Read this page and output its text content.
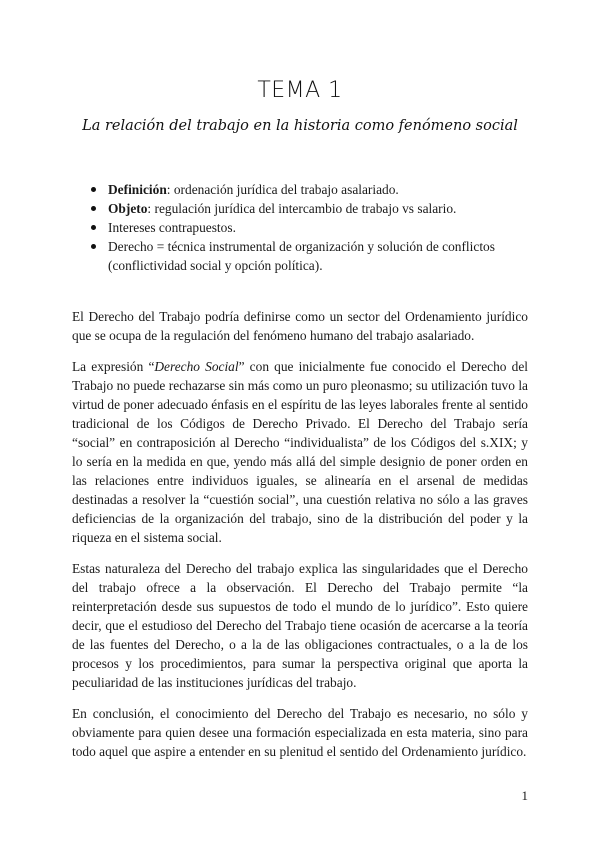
TEMA 1
La relación del trabajo en la historia como fenómeno social
Definición: ordenación jurídica del trabajo asalariado.
Objeto: regulación jurídica del intercambio de trabajo vs salario.
Intereses contrapuestos.
Derecho = técnica instrumental de organización y solución de conflictos (conflictividad social y opción política).

El Derecho del Trabajo podría definirse como un sector del Ordenamiento jurídico que se ocupa de la regulación del fenómeno humano del trabajo asalariado.

La expresión “Derecho Social” con que inicialmente fue conocido el Derecho del Trabajo no puede rechazarse sin más como un puro pleonasmo; su utilización tuvo la virtud de poner adecuado énfasis en el espíritu de las leyes laborales frente al sentido tradicional de los Códigos de Derecho Privado. El Derecho del Trabajo sería “social” en contraposición al Derecho “individualista” de los Códigos del s.XIX; y lo sería en la medida en que, yendo más allá del simple designio de poner orden en las relaciones entre individuos iguales, se alinearía en el arsenal de medidas destinadas a resolver la “cuestión social”, una cuestión relativa no sólo a las graves deficiencias de la organización del trabajo, sino de la distribución del poder y la riqueza en el sistema social.

Estas naturaleza del Derecho del trabajo explica las singularidades que el Derecho del trabajo ofrece a la observación. El Derecho del Trabajo permite “la reinterpretación desde sus supuestos de todo el mundo de lo jurídico”. Esto quiere decir, que el estudioso del Derecho del Trabajo tiene ocasión de acercarse a la teoría de las fuentes del Derecho, o a la de las obligaciones contractuales, o a la de los procesos y los procedimientos, para sumar la perspectiva original que aporta la peculiaridad de las instituciones jurídicas del trabajo.

En conclusión, el conocimiento del Derecho del Trabajo es necesario, no sólo y obviamente para quien desee una formación especializada en esta materia, sino para todo aquel que aspire a entender en su plenitud el sentido del Ordenamiento jurídico.

1
